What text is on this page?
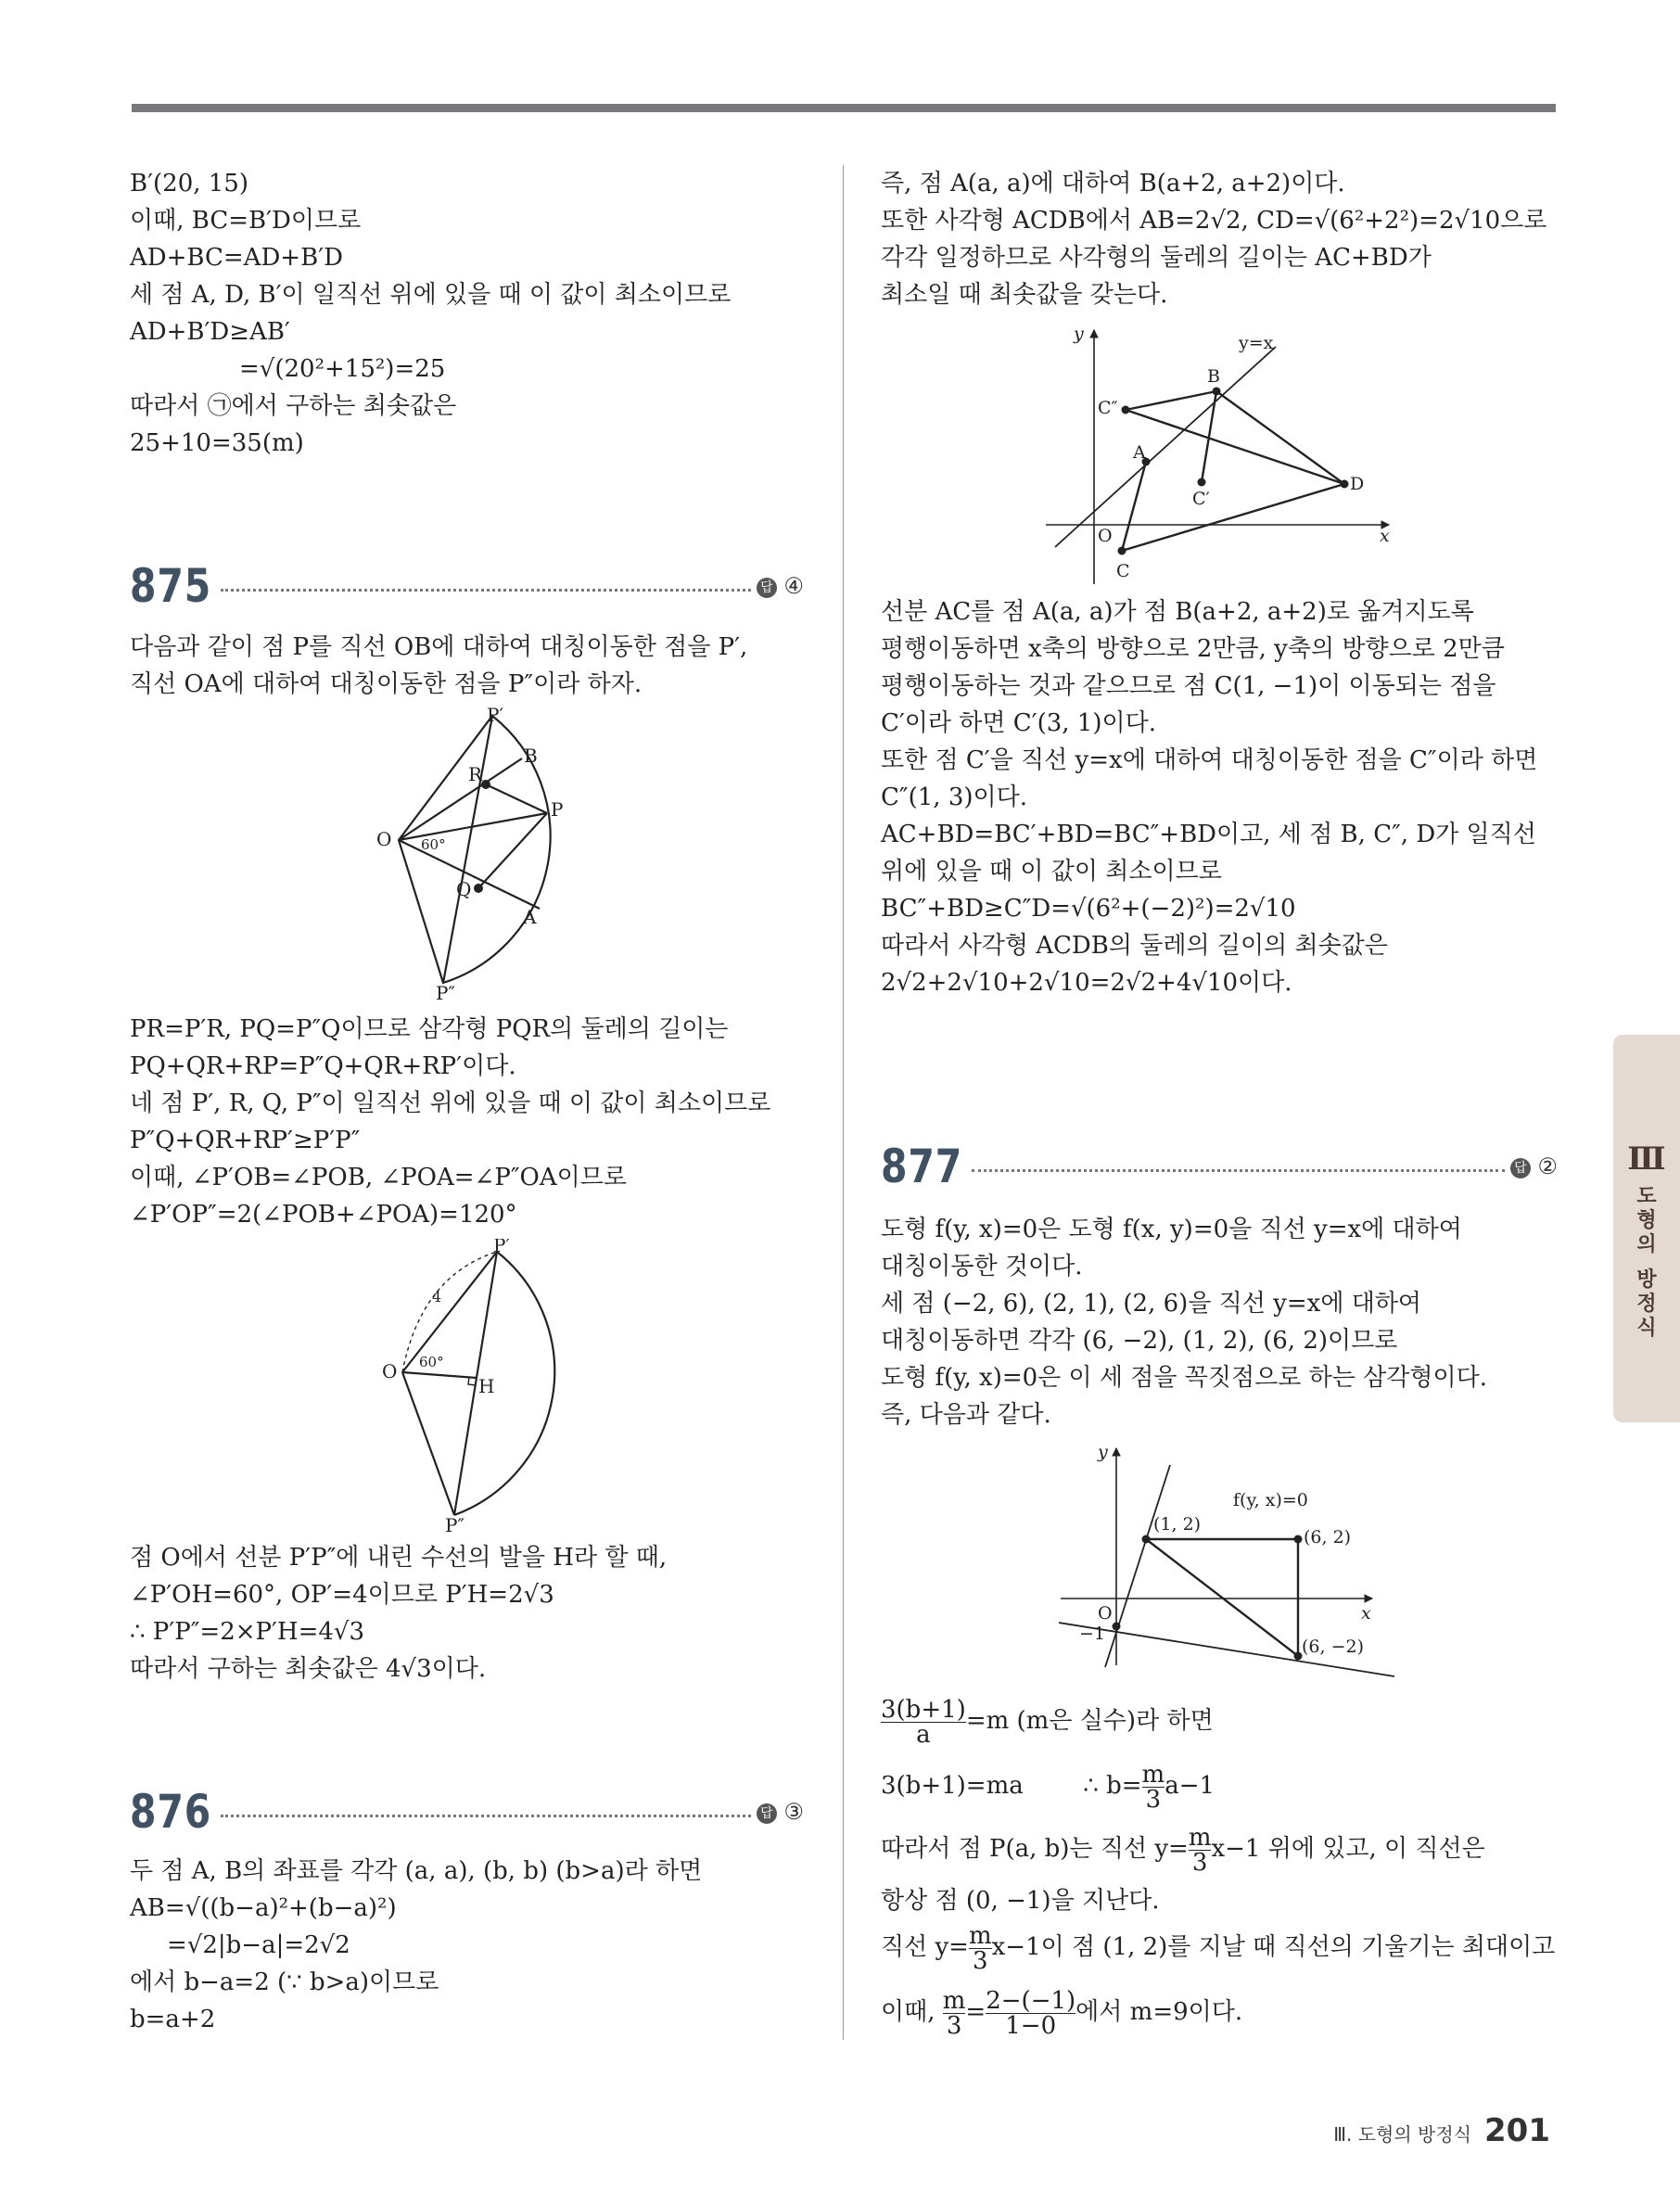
B′(20, 15)
이때, BC=B′D이므로
AD+BC=AD+B′D
세 점 A, D, B′이 일직선 위에 있을 때 이 값이 최소이므로
AD+B′D≥AB′
=√(20²+15²)=25
따라서 ㉠에서 구하는 최솟값은
25+10=35(m)
875	답 ④
다음과 같이 점 P를 직선 OB에 대하여 대칭이동한 점을 P′,
직선 OA에 대하여 대칭이동한 점을 P″이라 하자.
P′
B
R
P
O 60°
Q
A
P″
PR=P′R, PQ=P″Q이므로 삼각형 PQR의 둘레의 길이는
PQ+QR+RP=P″Q+QR+RP′이다.
네 점 P′, R, Q, P″이 일직선 위에 있을 때 이 값이 최소이므로
P″Q+QR+RP′≥P′P″
이때, ∠P′OB=∠POB, ∠POA=∠P″OA이므로
∠P′OP″=2(∠POB+∠POA)=120°
P′
4
O 60°
H
P″
점 O에서 선분 P′P″에 내린 수선의 발을 H라 할 때,
∠P′OH=60°, OP′=4이므로 P′H=2√3
∴ P′P″=2×P′H=4√3
따라서 구하는 최솟값은 4√3이다.
876	답 ③
두 점 A, B의 좌표를 각각 (a, a), (b, b) (b>a)라 하면
AB=√((b−a)²+(b−a)²)
=√2|b−a|=2√2
에서 b−a=2 (∵ b>a)이므로
b=a+2
즉, 점 A(a, a)에 대하여 B(a+2, a+2)이다.
또한 사각형 ACDB에서 AB=2√2, CD=√(6²+2²)=2√10으로
각각 일정하므로 사각형의 둘레의 길이는 AC+BD가
최소일 때 최솟값을 갖는다.
y	y=x
B
C″
A
C′
D
O	x
C
선분 AC를 점 A(a, a)가 점 B(a+2, a+2)로 옮겨지도록
평행이동하면 x축의 방향으로 2만큼, y축의 방향으로 2만큼
평행이동하는 것과 같으므로 점 C(1, −1)이 이동되는 점을
C′이라 하면 C′(3, 1)이다.
또한 점 C′을 직선 y=x에 대하여 대칭이동한 점을 C″이라 하면
C″(1, 3)이다.
AC+BD=BC′+BD=BC″+BD이고, 세 점 B, C″, D가 일직선
위에 있을 때 이 값이 최소이므로
BC″+BD≥C″D=√(6²+(−2)²)=2√10
따라서 사각형 ACDB의 둘레의 길이의 최솟값은
2√2+2√10+2√10=2√2+4√10이다.
877	답 ②
도형 f(y, x)=0은 도형 f(x, y)=0을 직선 y=x에 대하여
대칭이동한 것이다.
세 점 (−2, 6), (2, 1), (2, 6)을 직선 y=x에 대하여
대칭이동하면 각각 (6, −2), (1, 2), (6, 2)이므로
도형 f(y, x)=0은 이 세 점을 꼭짓점으로 하는 삼각형이다.
즉, 다음과 같다.
y
f(y, x)=0
(1, 2)
(6, 2)
O	x
−1
(6, −2)
$\frac{3(b+1)}{a} =m$ (m은 실수)라 하면
3(b+1)=ma ∴ $b= \frac{m}{3} a-1$
따라서 점 P(a, b)는 직선 $y= \frac{m}{3} x-1$ 위에 있고, 이 직선은
항상 점 (0, −1)을 지난다.
직선 $y= \frac{m}{3} x-1$이 점 (1, 2)를 지날 때 직선의 기울기는 최대이고
이때, $\frac{m}{3} = \frac{2-(-1)}{1-0}$ 에서 m=9이다.
Ⅲ
도
형
의

방
정
식
Ⅲ. 도형의 방정식 201
